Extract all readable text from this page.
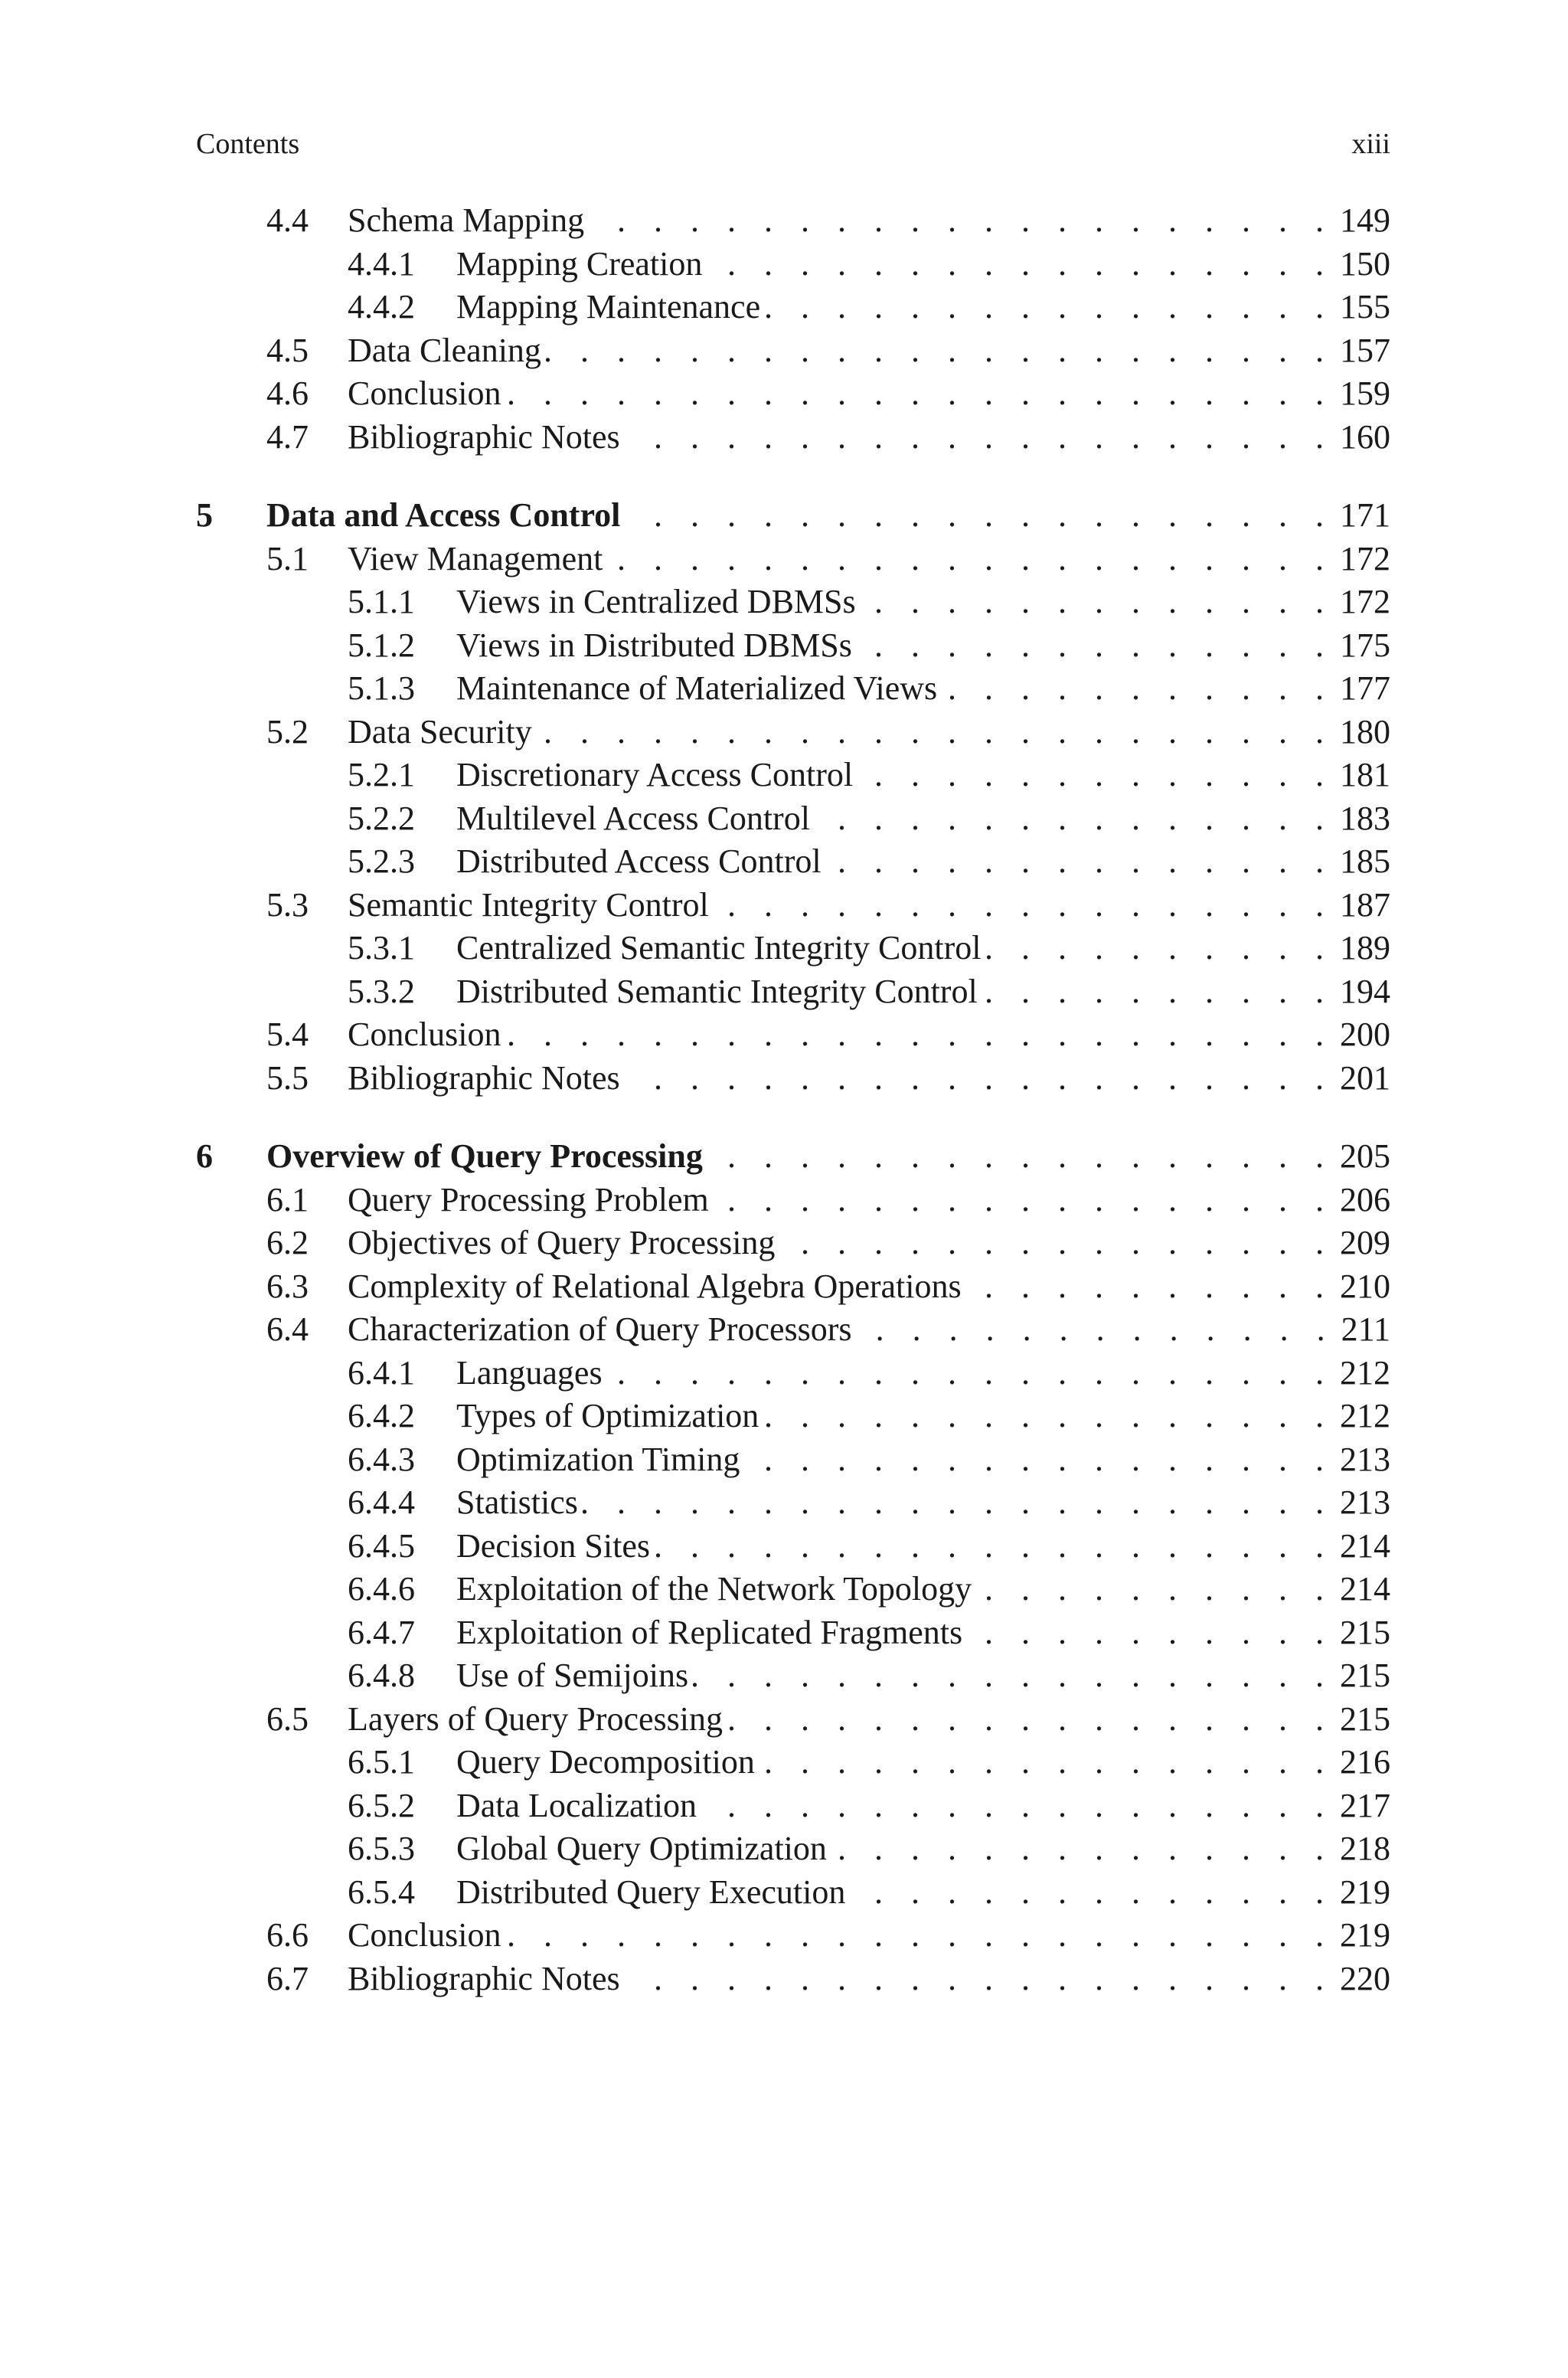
Contents	xiii
4.4 Schema Mapping . . .	149
4.4.1 Mapping Creation . . .	150
4.4.2 Mapping Maintenance . . .	155
4.5 Data Cleaning . . .	157
4.6 Conclusion . . .	159
4.7 Bibliographic Notes . . .	160
5 Data and Access Control . . .	171
5.1 View Management . . .	172
5.1.1 Views in Centralized DBMSs . . .	172
5.1.2 Views in Distributed DBMSs . . .	175
5.1.3 Maintenance of Materialized Views . . .	177
5.2 Data Security . . .	180
5.2.1 Discretionary Access Control . . .	181
5.2.2 Multilevel Access Control . . .	183
5.2.3 Distributed Access Control . . .	185
5.3 Semantic Integrity Control . . .	187
5.3.1 Centralized Semantic Integrity Control . . .	189
5.3.2 Distributed Semantic Integrity Control . . .	194
5.4 Conclusion . . .	200
5.5 Bibliographic Notes . . .	201
6 Overview of Query Processing . . .	205
6.1 Query Processing Problem . . .	206
6.2 Objectives of Query Processing . . .	209
6.3 Complexity of Relational Algebra Operations . . .	210
6.4 Characterization of Query Processors . . .	211
6.4.1 Languages . . .	212
6.4.2 Types of Optimization . . .	212
6.4.3 Optimization Timing . . .	213
6.4.4 Statistics . . .	213
6.4.5 Decision Sites . . .	214
6.4.6 Exploitation of the Network Topology . . .	214
6.4.7 Exploitation of Replicated Fragments . . .	215
6.4.8 Use of Semijoins . . .	215
6.5 Layers of Query Processing . . .	215
6.5.1 Query Decomposition . . .	216
6.5.2 Data Localization . . .	217
6.5.3 Global Query Optimization . . .	218
6.5.4 Distributed Query Execution . . .	219
6.6 Conclusion . . .	219
6.7 Bibliographic Notes . . .	220
